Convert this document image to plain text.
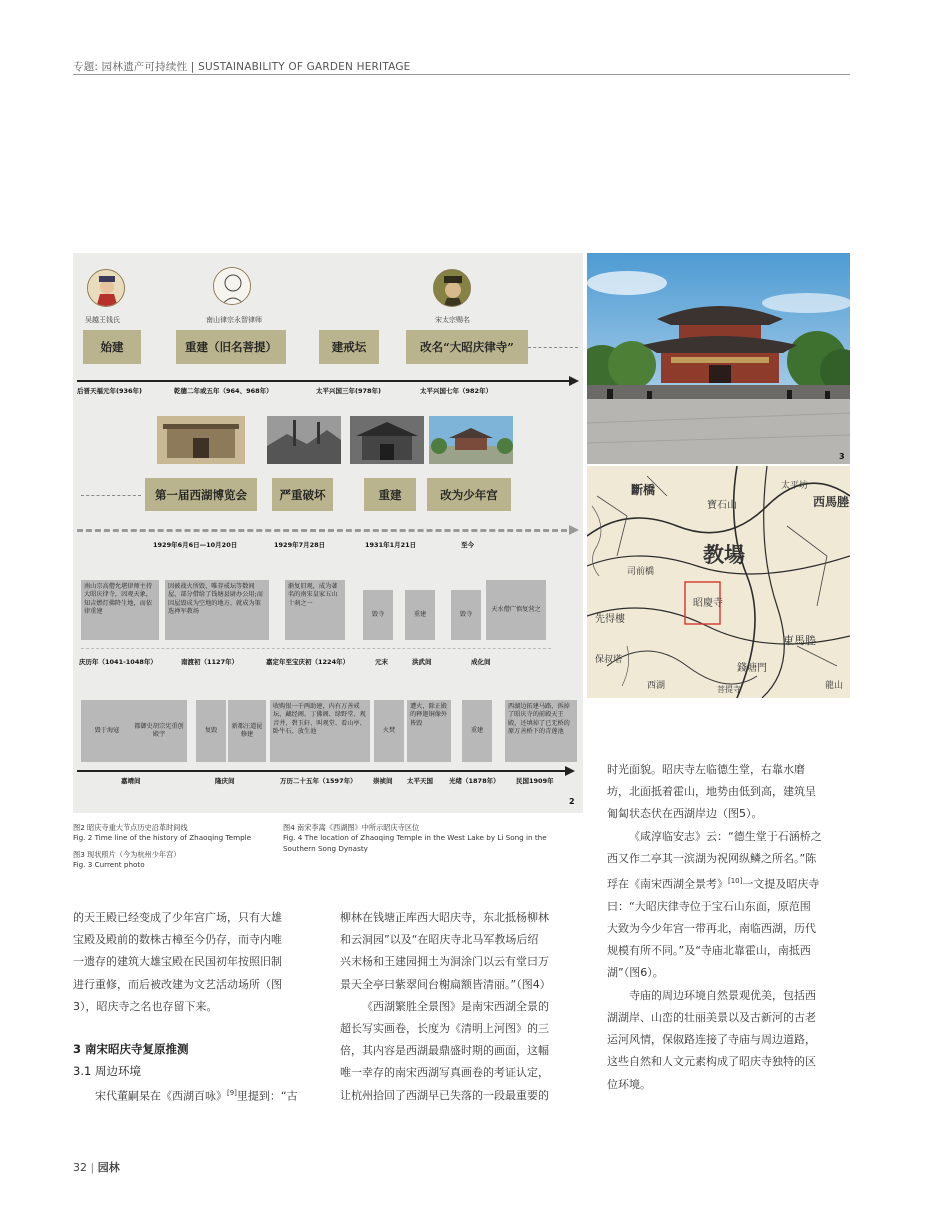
专题: 园林遗产可持续性 | SUSTAINABILITY OF GARDEN HERITAGE
吴越王钱氏	南山律宗永智律师	宋太宗赐名
始建	重建（旧名菩提）	建戒坛	改名“大昭庆律寺”
后晋天福元年(936年)	乾德二年或五年（964、968年）	太平兴国三年(978年)	太平兴国七年（982年）
第一届西湖博览会	严重破坏	重建	改为少年宫
1929年6月6日—10月20日	1929年7月28日	1931年1月21日	至今
南山宗高僧允堪律师主持大昭庆律寺，因观天象，知吉燃灯佛降生地，而依律重建
因被战火所毁，唯存戒坛等数间屋，部分借给了钱塘县尉办公用;而因屋毁成为空地的地方，就成为策选禅军教场
渐复旧观，成为著名的南宋皇家五山十刹之一
毁寺	重建	毁寺
天水僧广慎复营之
庆历年（1041-1048年）	南渡初（1127年）	嘉定年至宝庆初（1224年）	元末	洪武间	成化间
毁于海寇
都御史胡宗宪重创殿宇
复毁
新都汪道昆修建
收购银一千两助建，内有万善戒坛、藏经阁、丁佛阁、绿野堂、观音井、碧玉轩、叫观堂、看山亭、卧牛石、放生池	火焚
遭火，除正殿的释迦铜像外皆毁
重建
西湖边拓建马路，拆掉了昭庆寺的前殿天王殿，还填掉了已无桥的原万善桥下的青莲池
嘉靖间	隆庆间	万历二十五年（1597年）	崇祯间 太平天国 光绪（1878年）	民国1909年
2
3
教場
昭慶寺
斷橋
司前橋
寶石山	西馬塍
東馬塍
錢塘門
先得樓
保叔塔
龍山
太平坊
西湖	菩提寺
图2 昭庆寺重大节点历史沿革时间线
Fig. 2 Time line of the history of Zhaoqing Temple
图3 现状照片（今为杭州少年宫）
Fig. 3 Current photo
图4 南宋李嵩《西湖图》中所示昭庆寺区位
Fig. 4 The location of Zhaoqing Temple in the West Lake by Li Song in the
Southern Song Dynasty

时光面貌。昭庆寺左临德生堂，右靠水磨

坊，北面抵着霍山，地势由低到高，建筑呈

匍匐状态伏在西湖岸边（图5）。

《咸淳临安志》云：“德生堂于石涵桥之

西又作二亭其一滨湖为祝网纵鳞之所名。”陈

琈在《南宋西湖全景考》[10]一文提及昭庆寺

曰：“大昭庆律寺位于宝石山东面，原范围

大致为今少年宫一带再北，南临西湖，历代

规模有所不同。”及“寺庙北靠霍山，南抵西

湖”（图6）。

寺庙的周边环境自然景观优美，包括西

湖湖岸、山峦的壮丽美景以及古新河的古老

运河风情，保俶路连接了寺庙与周边道路，

这些自然和人文元素构成了昭庆寺独特的区

位环境。

的天王殿已经变成了少年宫广场，只有大雄

宝殿及殿前的数株古樟至今仍存，而寺内唯

一遗存的建筑大雄宝殿在民国初年按照旧制

进行重修，而后被改建为文艺活动场所（图

3），昭庆寺之名也存留下来。

3 南宋昭庆寺复原推测

3.1 周边环境

宋代董嗣杲在《西湖百咏》[9]里提到：“古

柳林在钱塘正库西大昭庆寺，东北抵杨柳林

和云洞园”以及“在昭庆寺北马军教场后绍

兴末杨和王建园拥土为洞涂门以云有堂曰万

景天全亭曰紫翠间台榭扁额皆清丽。”（图4）

《西湖繁胜全景图》是南宋西湖全景的

超长写实画卷，长度为《清明上河图》的三

倍，其内容是西湖最鼎盛时期的画面，这幅

唯一幸存的南宋西湖写真画卷的考证认定，

让杭州拾回了西湖早已失落的一段最重要的

32 | 园林
